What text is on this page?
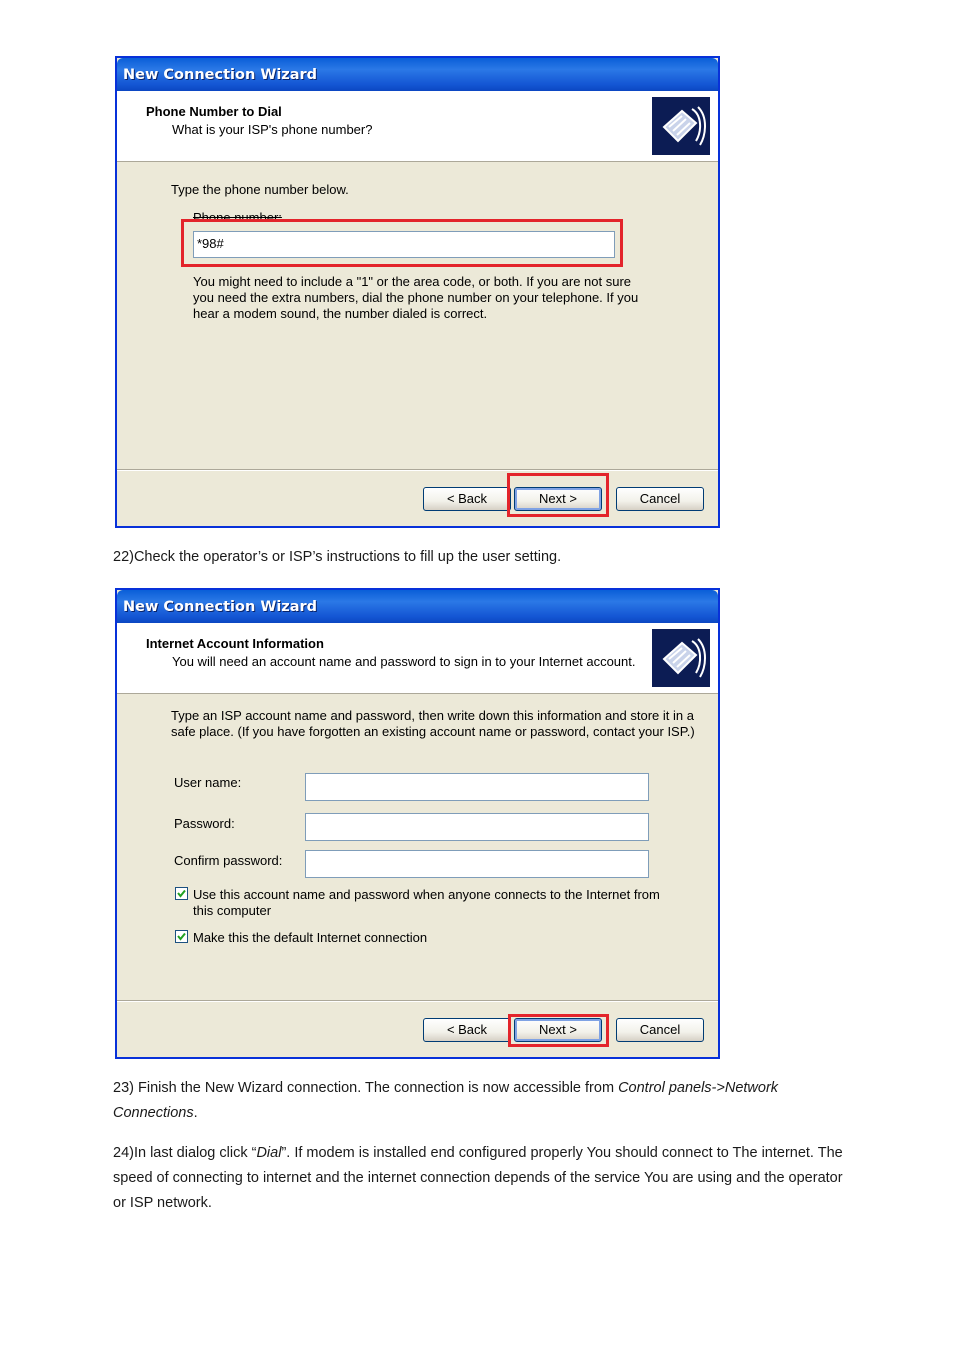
New Connection Wizard
Phone Number to Dial
What is your ISP's phone number?
Type the phone number below.
Phone number:
*98#
You might need to include a "1" or the area code, or both. If you are not sure
you need the extra numbers, dial the phone number on your telephone. If you
hear a modem sound, the number dialed is correct.
< Back	Next >	Cancel
22)Check the operator’s or ISP’s instructions to fill up the user setting.
New Connection Wizard
Internet Account Information
You will need an account name and password to sign in to your Internet account.
Type an ISP account name and password, then write down this information and store it in a
safe place. (If you have forgotten an existing account name or password, contact your ISP.)
User name:
Password:
Confirm password:
Use this account name and password when anyone connects to the Internet from
this computer
Make this the default Internet connection
< Back	Next >	Cancel
23) Finish the New Wizard connection. The connection is now accessible from Control panels->Network Connections.
24)In last dialog click “Dial”. If modem is installed end configured properly You should connect to The internet. The speed of connecting to internet and the internet connection depends of the service You are using and the operator or ISP network.
